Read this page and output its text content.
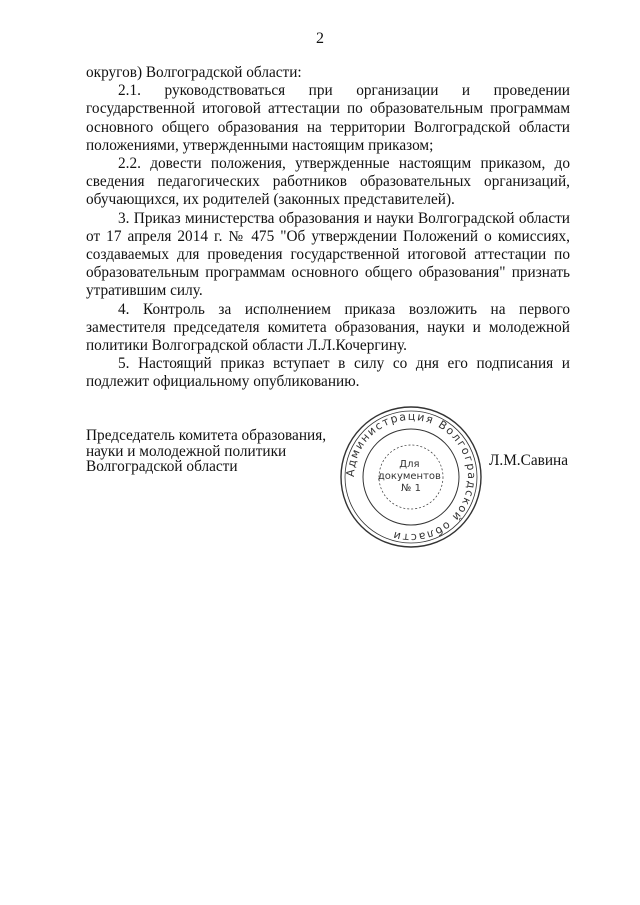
2

округов) Волгоградской области:

2.1. руководствоваться при организации и проведении государственной итоговой аттестации по образовательным программам основного общего образования на территории Волгоградской области положениями, утвержденными настоящим приказом;

2.2. довести положения, утвержденные настоящим приказом, до сведения педагогических работников образовательных организаций, обучающихся, их родителей (законных представителей).

3. Приказ министерства образования и науки Волгоградской области от 17 апреля 2014 г. № 475 "Об утверждении Положений о комиссиях, создаваемых для проведения государственной итоговой аттестации по образовательным программам основного общего образования" признать утратившим силу.

4. Контроль за исполнением приказа возложить на первого заместителя председателя комитета образования, науки и молодежной политики Волгоградской области Л.Л.Кочергину.

5. Настоящий приказ вступает в силу со дня его подписания и подлежит официальному опубликованию.

Председатель комитета образования,
науки и молодежной политики
Волгоградской области	Администрация Волгоградской области
Для документов № 1
Л.М.Савина
